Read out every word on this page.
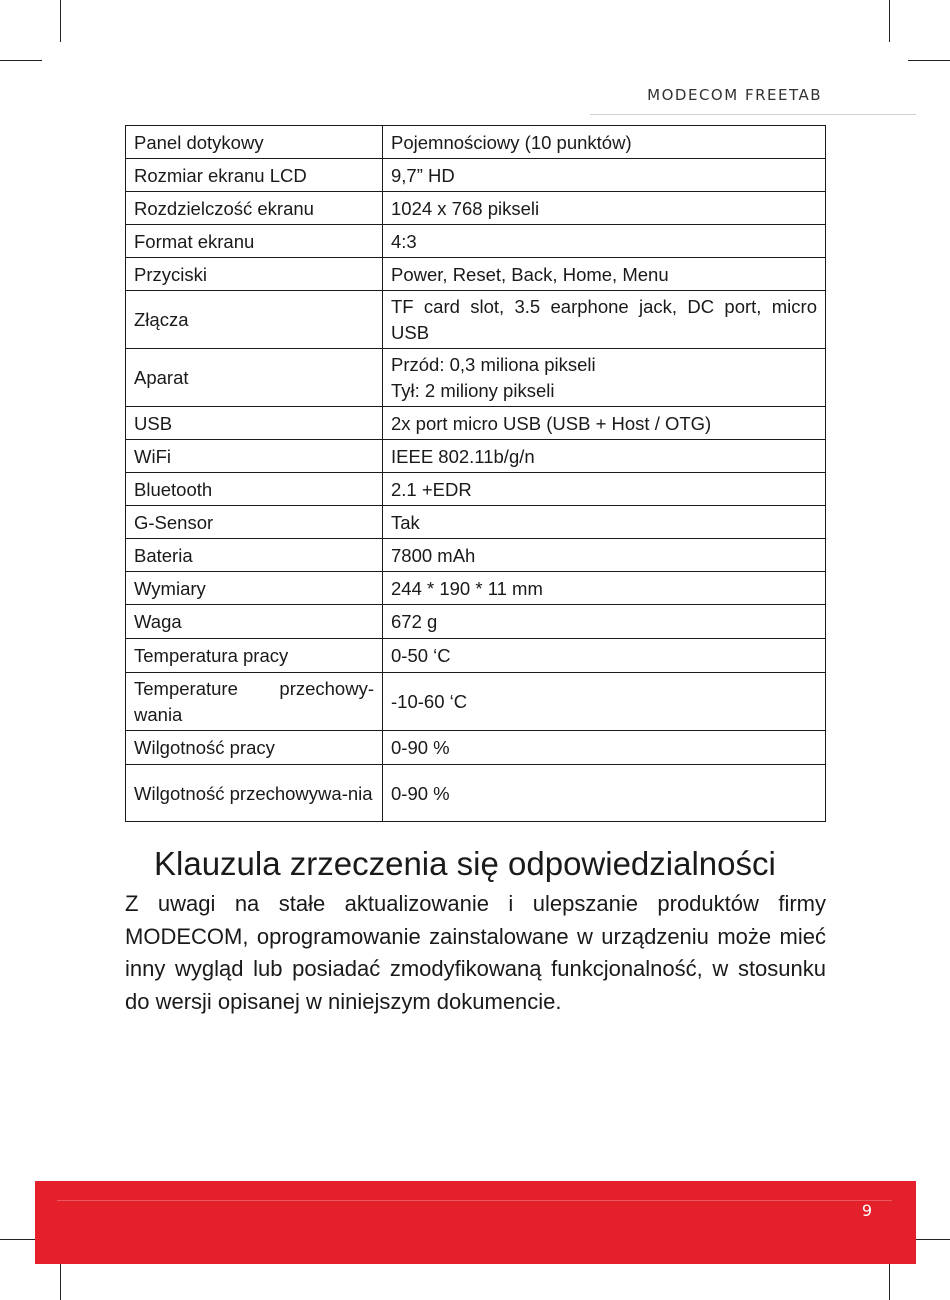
MODECOM FREETAB
Panel dotykowy	Pojemnościowy (10 punktów)
Rozmiar ekranu LCD	9,7” HD
Rozdzielczość ekranu	1024 x 768 pikseli
Format ekranu	4:3
Przyciski	Power, Reset, Back, Home, Menu
Złącza	TF card slot, 3.5 earphone jack, DC port, micro USB
Aparat	Przód: 0,3 miliona pikseli
Tył: 2 miliony pikseli

USB	2x port micro USB (USB + Host / OTG)
WiFi	IEEE 802.11b/g/n
Bluetooth	2.1 +EDR
G-Sensor	Tak
Bateria	7800 mAh
Wymiary	244 * 190 * 11 mm
Waga	672 g
Temperatura pracy	0-50 ‘C
Temperature przechowy-wania	-10-60 ‘C
Wilgotność pracy	0-90 %
Wilgotność przechowywa-nia	0-90 %
Klauzula zrzeczenia się odpowiedzialności
Z uwagi na stałe aktualizowanie i ulepszanie produktów firmy MODECOM, oprogramowanie zainstalowane w urządzeniu może mieć inny wygląd lub posiadać zmodyfikowaną funkcjonalność, w stosunku do wersji opisanej w niniejszym dokumencie.
9
